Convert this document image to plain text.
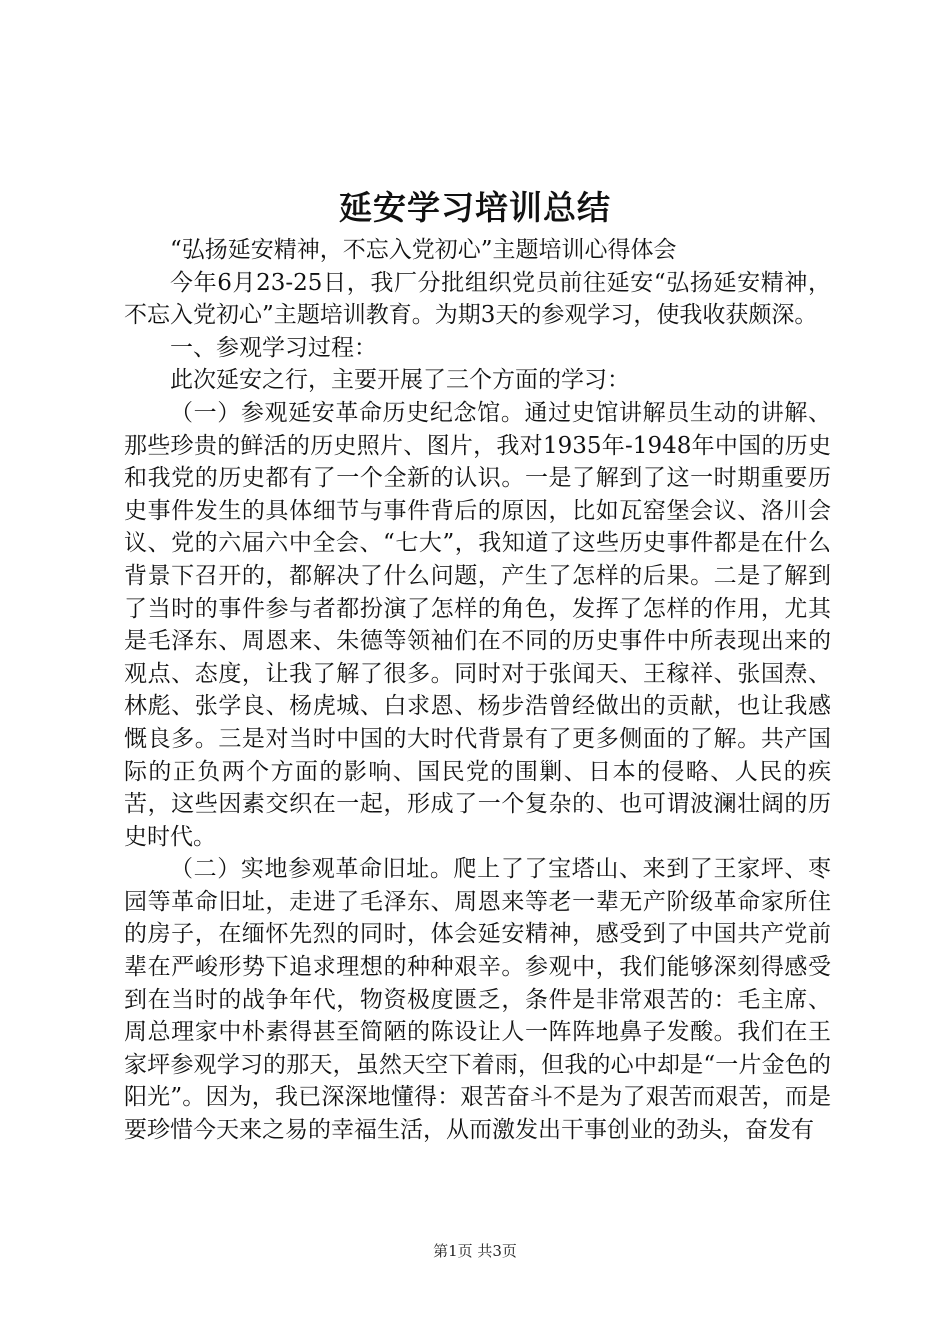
延安学习培训总结

“弘扬延安精神，不忘入党初心”主题培训心得体会

今年6月23-25日，我厂分批组织党员前往延安“弘扬延安精神，不忘入党初心”主题培训教育。为期3天的参观学习，使我收获颇深。

一、参观学习过程：

此次延安之行，主要开展了三个方面的学习：

（一）参观延安革命历史纪念馆。通过史馆讲解员生动的讲解、那些珍贵的鲜活的历史照片、图片，我对1935年-1948年中国的历史和我党的历史都有了一个全新的认识。一是了解到了这一时期重要历史事件发生的具体细节与事件背后的原因，比如瓦窑堡会议、洛川会议、党的六届六中全会、“七大”，我知道了这些历史事件都是在什么背景下召开的，都解决了什么问题，产生了怎样的后果。二是了解到了当时的事件参与者都扮演了怎样的角色，发挥了怎样的作用，尤其是毛泽东、周恩来、朱德等领袖们在不同的历史事件中所表现出来的观点、态度，让我了解了很多。同时对于张闻天、王稼祥、张国焘、林彪、张学良、杨虎城、白求恩、杨步浩曾经做出的贡献，也让我感慨良多。三是对当时中国的大时代背景有了更多侧面的了解。共产国际的正负两个方面的影响、国民党的围剿、日本的侵略、人民的疾苦，这些因素交织在一起，形成了一个复杂的、也可谓波澜壮阔的历史时代。

（二）实地参观革命旧址。爬上了了宝塔山、来到了王家坪、枣园等革命旧址，走进了毛泽东、周恩来等老一辈无产阶级革命家所住的房子，在缅怀先烈的同时，体会延安精神，感受到了中国共产党前辈在严峻形势下追求理想的种种艰辛。参观中，我们能够深刻得感受到在当时的战争年代，物资极度匮乏，条件是非常艰苦的：毛主席、周总理家中朴素得甚至简陋的陈设让人一阵阵地鼻子发酸。我们在王家坪参观学习的那天，虽然天空下着雨，但我的心中却是“一片金色的阳光”。因为，我已深深地懂得：艰苦奋斗不是为了艰苦而艰苦，而是要珍惜今天来之易的幸福生活，从而激发出干事创业的劲头，奋发有

第1页 共3页
